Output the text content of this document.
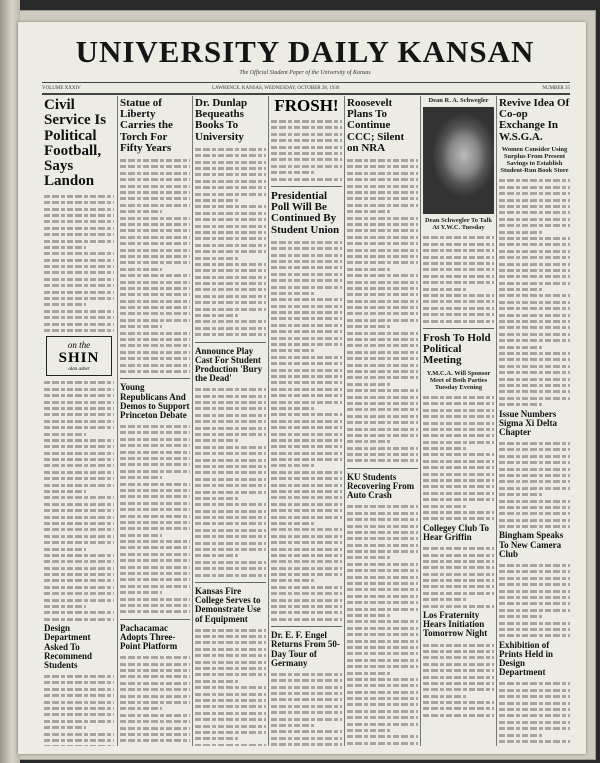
UNIVERSITY DAILY KANSAN
The Official Student Paper of the University of Kansas
VOLUME XXXIV	LAWRENCE, KANSAS, WEDNESDAY, OCTOBER 28, 1936	NUMBER 35
Civil Service Is Political Football, Says Landon
on the
SHIN
alan asher
Design Department Asked To Recommend Students
Statue of Liberty Carries the Torch For Fifty Years
Young Republicans And Demos to Support Princeton Debate
Pachacamac Adopts Three-Point Platform
Dr. Dunlap Bequeaths Books To University
Announce Play Cast For Student Production 'Bury the Dead'
Kansas Fire College Serves to Demonstrate Use of Equipment
FROSH!
Presidential Poll Will Be Continued By Student Union
Dr. E. F. Engel Returns From 50-Day Tour of Germany
Roosevelt Plans To Continue CCC; Silent on NRA
KU Students Recovering From Auto Crash
Dean R. A. Schwegler
Dean Schwegler To Talk At Y.W.C. Tuesday
Frosh To Hold Political Meeting
Y.M.C.A. Will Sponsor Meet of Both Parties Tuesday Evening
Collegey Club To Hear Griffin
Los Fraternity Hears Initiation Tomorrow Night
Revive Idea Of Co-op Exchange In W.S.G.A.
Women Consider Using Surplus From Present Savings to Establish Student-Run Book Store
Issue Numbers Sigma Xi Delta Chapter
Bingham Speaks To New Camera Club
Exhibition of Prints Held in Design Department
